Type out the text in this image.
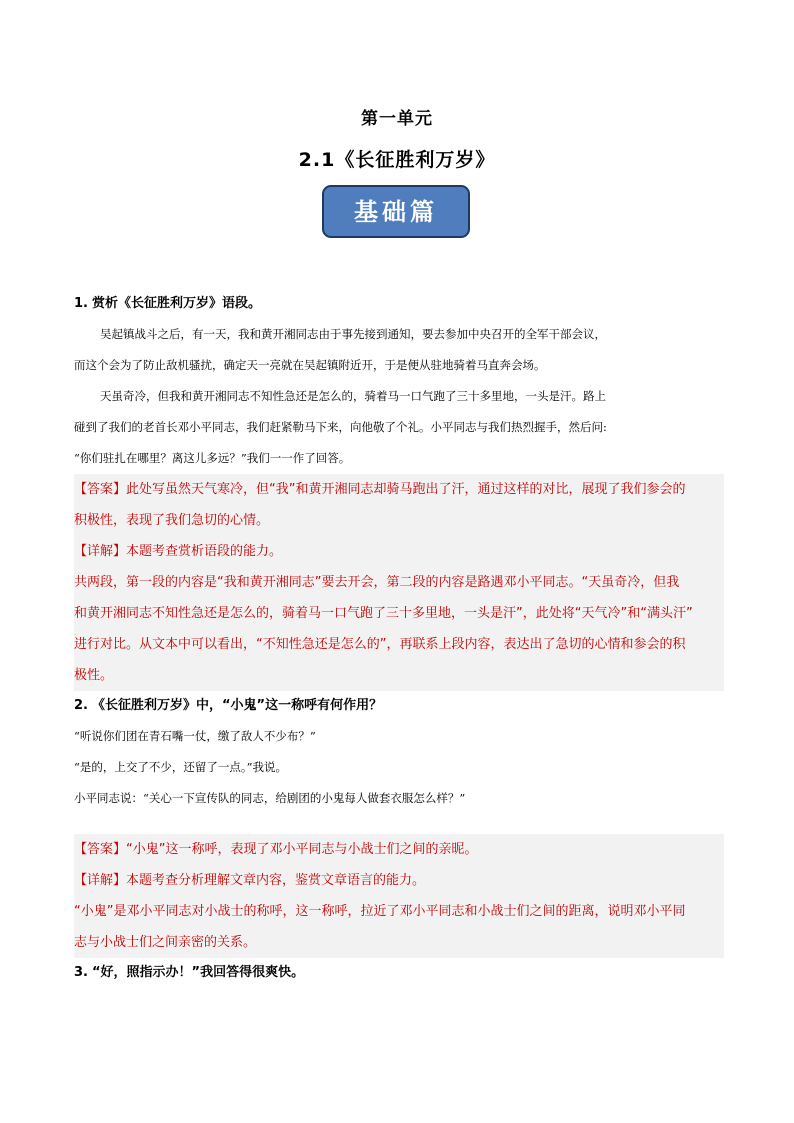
第一单元
2.1《长征胜利万岁》
基础篇
1. 赏析《长征胜利万岁》语段。
吴起镇战斗之后，有一天，我和黄开湘同志由于事先接到通知，要去参加中央召开的全军干部会议，
而这个会为了防止敌机骚扰，确定天一亮就在吴起镇附近开，于是便从驻地骑着马直奔会场。
天虽奇冷，但我和黄开湘同志不知性急还是怎么的，骑着马一口气跑了三十多里地，一头是汗。路上
碰到了我们的老首长邓小平同志，我们赶紧勒马下来，向他敬了个礼。小平同志与我们热烈握手，然后问:
“你们驻扎在哪里？离这儿多远？”我们一一作了回答。
【答案】此处写虽然天气寒冷，但“我”和黄开湘同志却骑马跑出了汗，通过这样的对比，展现了我们参会的
积极性，表现了我们急切的心情。
【详解】本题考查赏析语段的能力。
共两段，第一段的内容是“我和黄开湘同志”要去开会，第二段的内容是路遇邓小平同志。“天虽奇冷，但我
和黄开湘同志不知性急还是怎么的，骑着马一口气跑了三十多里地，一头是汗”，此处将“天气冷”和“满头汗”
进行对比。从文本中可以看出，“不知性急还是怎么的”，再联系上段内容，表达出了急切的心情和参会的积
极性。
2. 《长征胜利万岁》中，“小鬼”这一称呼有何作用？
“听说你们团在青石嘴一仗，缴了敌人不少布？”
“是的，上交了不少，还留了一点。”我说。
小平同志说：“关心一下宣传队的同志，给剧团的小鬼每人做套衣服怎么样？”
【答案】“小鬼”这一称呼，表现了邓小平同志与小战士们之间的亲昵。
【详解】本题考查分析理解文章内容，鉴赏文章语言的能力。
“小鬼”是邓小平同志对小战士的称呼，这一称呼，拉近了邓小平同志和小战士们之间的距离，说明邓小平同
志与小战士们之间亲密的关系。
3. “好，照指示办！”我回答得很爽快。
